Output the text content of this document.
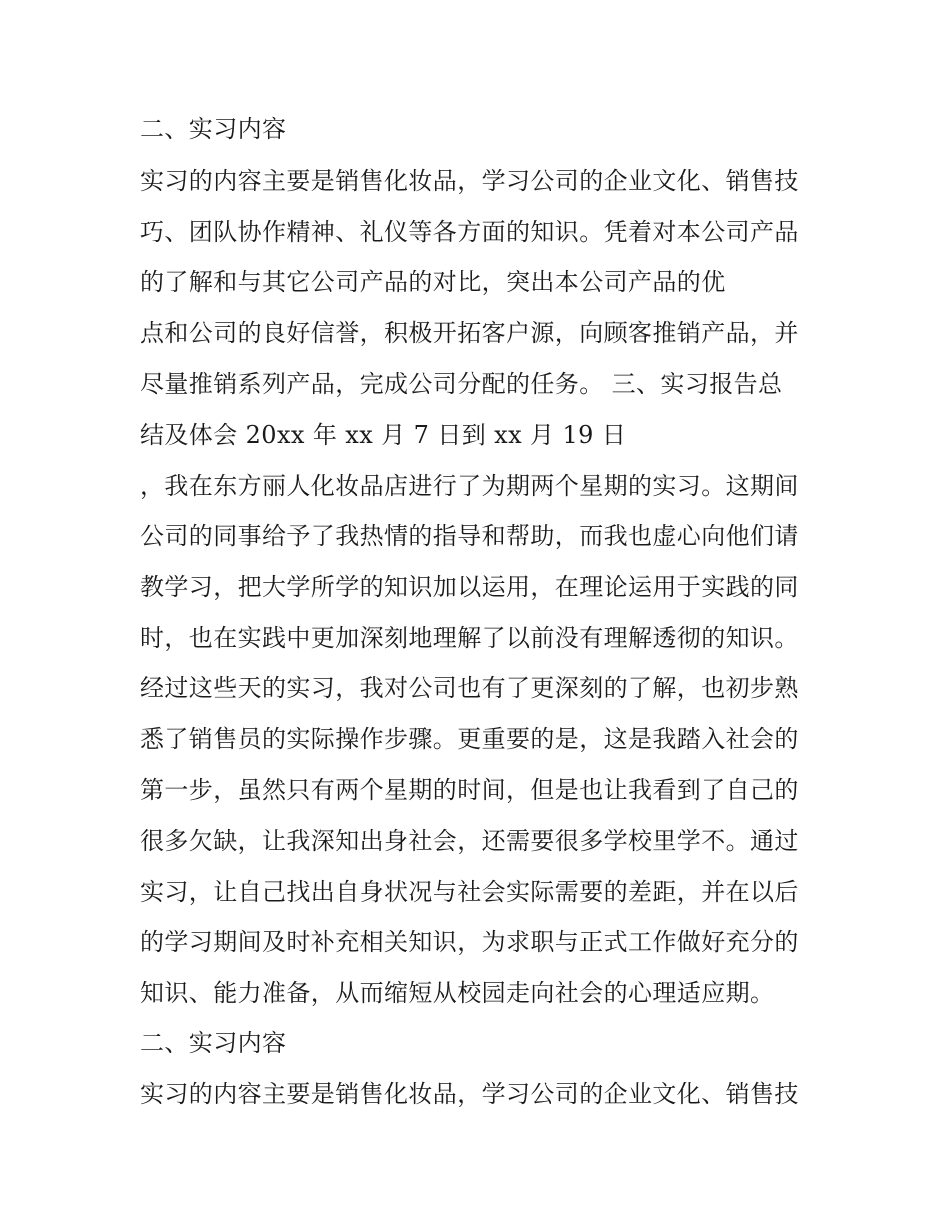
二、实习内容
实习的内容主要是销售化妆品，学习公司的企业文化、销售技
巧、团队协作精神、礼仪等各方面的知识。凭着对本公司产品
的了解和与其它公司产品的对比，突出本公司产品的优
点和公司的良好信誉，积极开拓客户源，向顾客推销产品，并
尽量推销系列产品，完成公司分配的任务。 三、实习报告总
结及体会 20xx 年 xx 月 7 日到 xx 月 19 日
，我在东方丽人化妆品店进行了为期两个星期的实习。这期间
公司的同事给予了我热情的指导和帮助，而我也虚心向他们请
教学习，把大学所学的知识加以运用，在理论运用于实践的同
时，也在实践中更加深刻地理解了以前没有理解透彻的知识。
经过这些天的实习，我对公司也有了更深刻的了解，也初步熟
悉了销售员的实际操作步骤。更重要的是，这是我踏入社会的
第一步，虽然只有两个星期的时间，但是也让我看到了自己的
很多欠缺，让我深知出身社会，还需要很多学校里学不。通过
实习，让自己找出自身状况与社会实际需要的差距，并在以后
的学习期间及时补充相关知识，为求职与正式工作做好充分的
知识、能力准备，从而缩短从校园走向社会的心理适应期。
二、实习内容
实习的内容主要是销售化妆品，学习公司的企业文化、销售技
